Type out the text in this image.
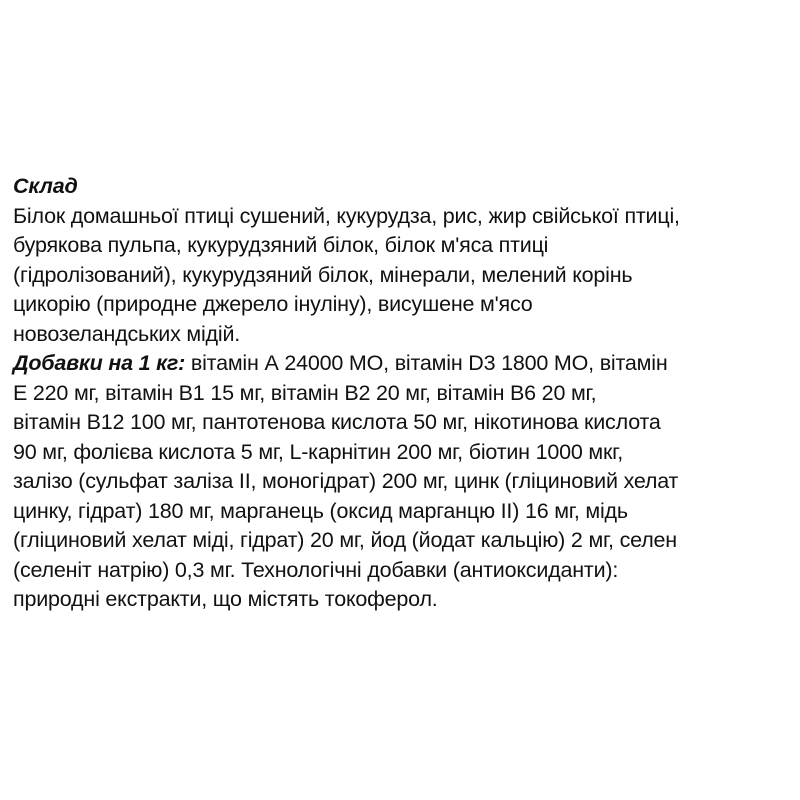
Склад
Білок домашньої птиці сушений, кукурудза, рис, жир свійської птиці,
бурякова пульпа, кукурудзяний білок, білок м'яса птиці
(гідролізований), кукурудзяний білок, мінерали, мелений корінь
цикорію (природне джерело інуліну), висушене м'ясо
новозеландських мідій.
Добавки на 1 кг: вітамін А 24000 МО, вітамін D3 1800 МО, вітамін
Е 220 мг, вітамін В1 15 мг, вітамін В2 20 мг, вітамін В6 20 мг,
вітамін В12 100 мг, пантотенова кислота 50 мг, нікотинова кислота
90 мг, фолієва кислота 5 мг, L-карнітин 200 мг, біотин 1000 мкг,
залізо (сульфат заліза II, моногідрат) 200 мг, цинк (гліциновий хелат
цинку, гідрат) 180 мг, марганець (оксид марганцю II) 16 мг, мідь
(гліциновий хелат міді, гідрат) 20 мг, йод (йодат кальцію) 2 мг, селен
(селеніт натрію) 0,3 мг. Технологічні добавки (антиоксиданти):
природні екстракти, що містять токоферол.
